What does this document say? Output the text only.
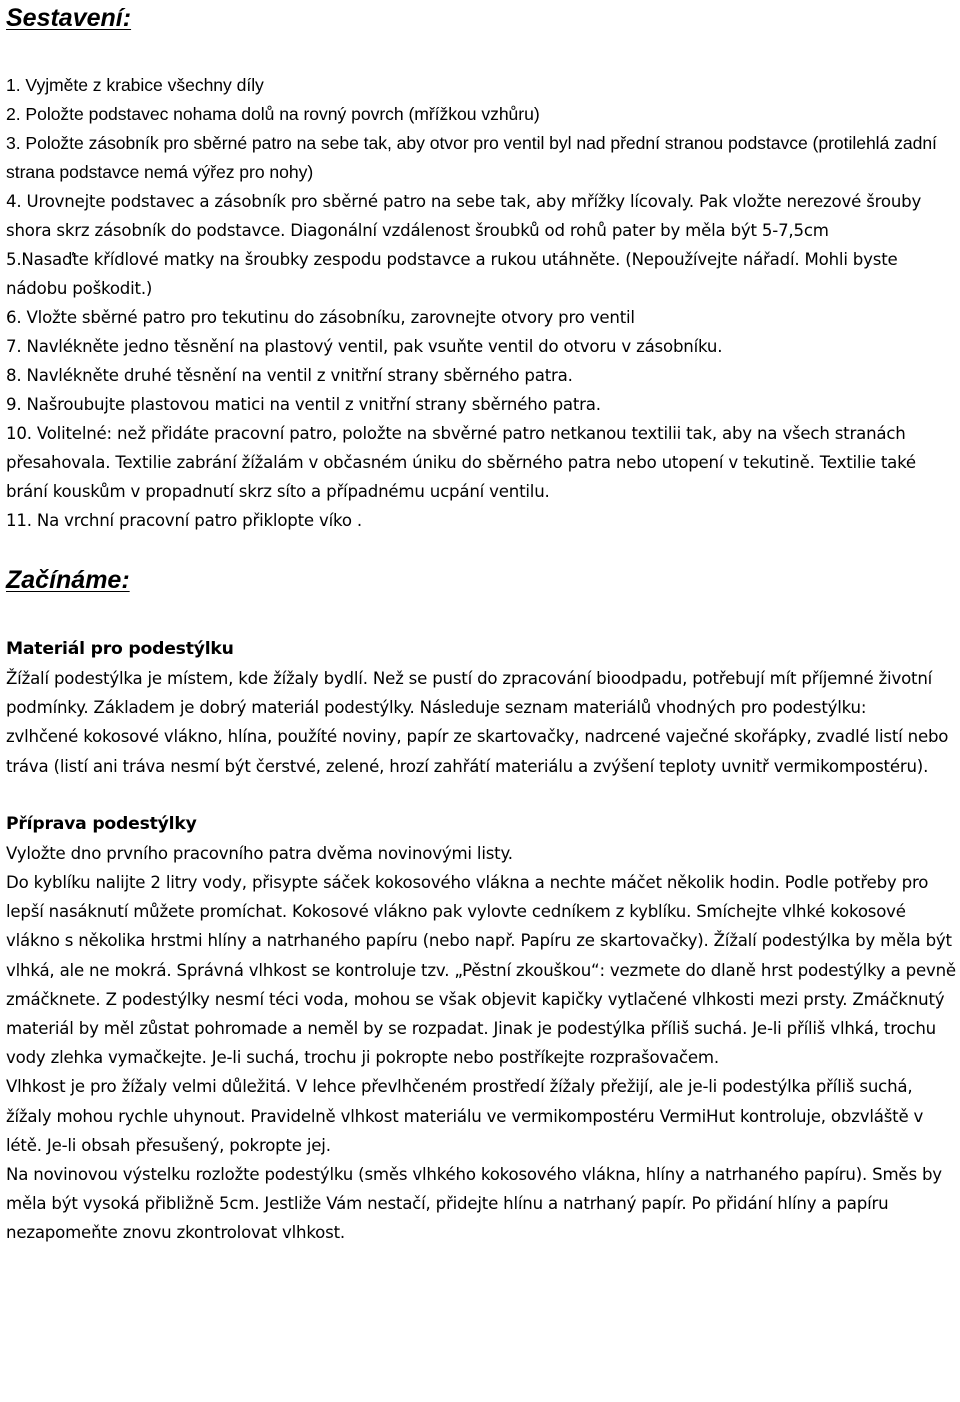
Sestavení:
1. Vyjměte z krabice všechny díly
2. Položte podstavec nohama dolů na rovný povrch (mřížkou vzhůru)
3. Položte zásobník pro sběrné patro na sebe tak, aby otvor pro ventil byl nad přední stranou podstavce (protilehlá zadní strana podstavce nemá výřez pro nohy)
4. Urovnejte podstavec a zásobník pro sběrné patro na sebe tak, aby mřížky lícovaly. Pak vložte nerezové šrouby shora skrz zásobník do podstavce. Diagonální vzdálenost šroubků od rohů pater by měla být 5-7,5cm
5.Nasaďte křídlové matky na šroubky zespodu podstavce a rukou utáhněte. (Nepoužívejte nářadí. Mohli byste nádobu poškodit.)
6. Vložte sběrné patro pro tekutinu do zásobníku, zarovnejte otvory pro ventil
7. Navlékněte jedno těsnění na plastový ventil, pak vsuňte ventil do otvoru v zásobníku.
8. Navlékněte druhé těsnění na ventil z vnitřní strany sběrného patra.
9. Našroubujte plastovou matici na ventil z vnitřní strany sběrného patra.
10. Volitelné: než přidáte pracovní patro, položte na sbvěrné patro netkanou textilii tak, aby na všech stranách přesahovala. Textilie zabrání žížalám v občasném úniku do sběrného patra nebo utopení v tekutině. Textilie také brání kouskům v propadnutí skrz síto a případnému ucpání ventilu.
11. Na vrchní pracovní patro přiklopte víko .
Začínáme:

Materiál pro podestýlku

Žížalí podestýlka je místem, kde žížaly bydlí. Než se pustí do zpracování bioodpadu, potřebují mít příjemné životní podmínky. Základem je dobrý materiál podestýlky. Následuje seznam materiálů vhodných pro podestýlku:

zvlhčené kokosové vlákno, hlína, použíté noviny, papír ze skartovačky, nadrcené vaječné skořápky, zvadlé listí nebo tráva (listí ani tráva nesmí být čerstvé, zelené, hrozí zahřátí materiálu a zvýšení teploty uvnitř vermikompostéru).

Příprava podestýlky

Vyložte dno prvního pracovního patra dvěma novinovými listy.

Do kyblíku nalijte 2 litry vody, přisypte sáček kokosového vlákna a nechte máčet několik hodin. Podle potřeby pro lepší nasáknutí můžete promíchat. Kokosové vlákno pak vylovte cedníkem z kyblíku. Smíchejte vlhké kokosové vlákno s několika hrstmi hlíny a natrhaného papíru (nebo např. Papíru ze skartovačky). Žížalí podestýlka by měla být vlhká, ale ne mokrá. Správná vlhkost se kontroluje tzv. „Pěstní zkouškou“: vezmete do dlaně hrst podestýlky a pevně zmáčknete. Z podestýlky nesmí téci voda, mohou se však objevit kapičky vytlačené vlhkosti mezi prsty. Zmáčknutý materiál by měl zůstat pohromade a neměl by se rozpadat. Jinak je podestýlka příliš suchá. Je-li příliš vlhká, trochu vody zlehka vymačkejte. Je-li suchá, trochu ji pokropte nebo postříkejte rozprašovačem.

Vlhkost je pro žížaly velmi důležitá. V lehce převlhčeném prostředí žížaly přežijí, ale je-li podestýlka příliš suchá, žížaly mohou rychle uhynout. Pravidelně vlhkost materiálu ve vermikompostéru VermiHut kontroluje, obzvláště v létě. Je-li obsah přesušený, pokropte jej.

Na novinovou výstelku rozložte podestýlku (směs vlhkého kokosového vlákna, hlíny a natrhaného papíru). Směs by měla být vysoká přibližně 5cm. Jestliže Vám nestačí, přidejte hlínu a natrhaný papír. Po přidání hlíny a papíru nezapomeňte znovu zkontrolovat vlhkost.
